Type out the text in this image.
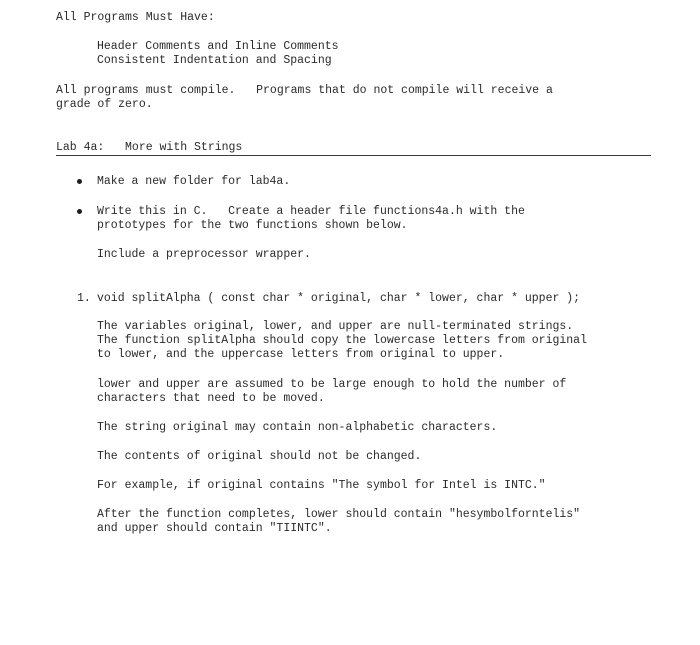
All Programs Must Have:
Header Comments and Inline Comments
Consistent Indentation and Spacing
All programs must compile.   Programs that do not compile will receive a
grade of zero.
Lab 4a:   More with Strings
Make a new folder for lab4a.
Write this in C.   Create a header file functions4a.h with the
prototypes for the two functions shown below.
Include a preprocessor wrapper.
1. void splitAlpha ( const char * original, char * lower, char * upper );
The variables original, lower, and upper are null-terminated strings.
The function splitAlpha should copy the lowercase letters from original
to lower, and the uppercase letters from original to upper.
lower and upper are assumed to be large enough to hold the number of
characters that need to be moved.
The string original may contain non-alphabetic characters.
The contents of original should not be changed.
For example, if original contains "The symbol for Intel is INTC."
After the function completes, lower should contain "hesymbolforntelis"
and upper should contain "TIINTC".
